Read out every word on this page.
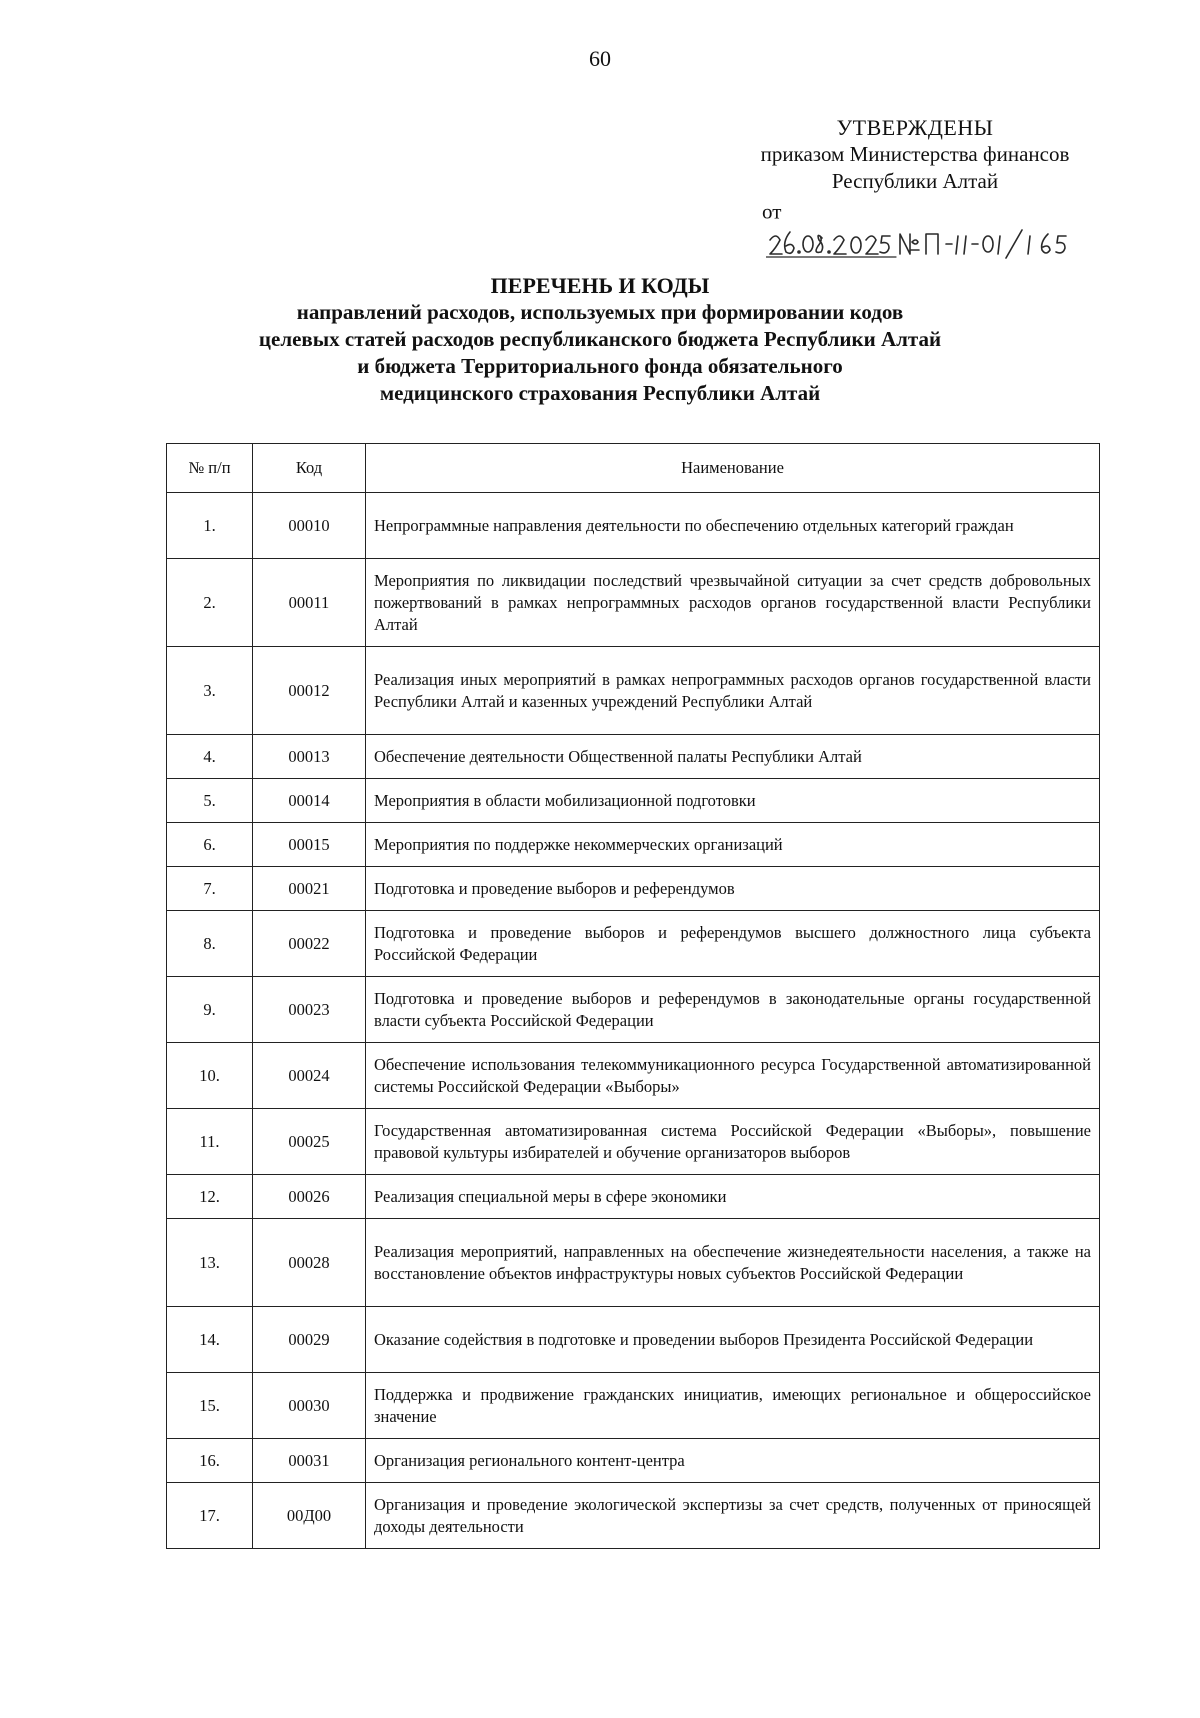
60
УТВЕРЖДЕНЫ
приказом Министерства финансов
Республики Алтай
от
ПЕРЕЧЕНЬ И КОДЫ
направлений расходов, используемых при формировании кодов
целевых статей расходов республиканского бюджета Республики Алтай
и бюджета Территориального фонда обязательного
медицинского страхования Республики Алтай
№ п/п	Код	Наименование
1.	00010	Непрограммные направления деятельности по обеспечению отдельных категорий граждан
2.	00011	Мероприятия по ликвидации последствий чрезвычайной ситуации за счет средств добровольных пожертвований в рамках непрограммных расходов органов государственной власти Республики Алтай
3.	00012	Реализация иных мероприятий в рамках непрограммных расходов органов государственной власти Республики Алтай и казенных учреждений Республики Алтай
4.	00013	Обеспечение деятельности Общественной палаты Республики Алтай
5.	00014	Мероприятия в области мобилизационной подготовки
6.	00015	Мероприятия по поддержке некоммерческих организаций
7.	00021	Подготовка и проведение выборов и референдумов
8.	00022	Подготовка и проведение выборов и референдумов высшего должностного лица субъекта Российской Федерации
9.	00023	Подготовка и проведение выборов и референдумов в законодательные органы государственной власти субъекта Российской Федерации
10.	00024	Обеспечение использования телекоммуникационного ресурса Государственной автоматизированной системы Российской Федерации «Выборы»
11.	00025	Государственная автоматизированная система Российской Федерации «Выборы», повышение правовой культуры избирателей и обучение организаторов выборов
12.	00026	Реализация специальной меры в сфере экономики
13.	00028	Реализация мероприятий, направленных на обеспечение жизнедеятельности населения, а также на восстановление объектов инфраструктуры новых субъектов Российской Федерации
14.	00029	Оказание содействия в подготовке и проведении выборов Президента Российской Федерации
15.	00030	Поддержка и продвижение гражданских инициатив, имеющих региональное и общероссийское значение
16.	00031	Организация регионального контент-центра
17.	00Д00	Организация и проведение экологической экспертизы за счет средств, полученных от приносящей доходы деятельности
